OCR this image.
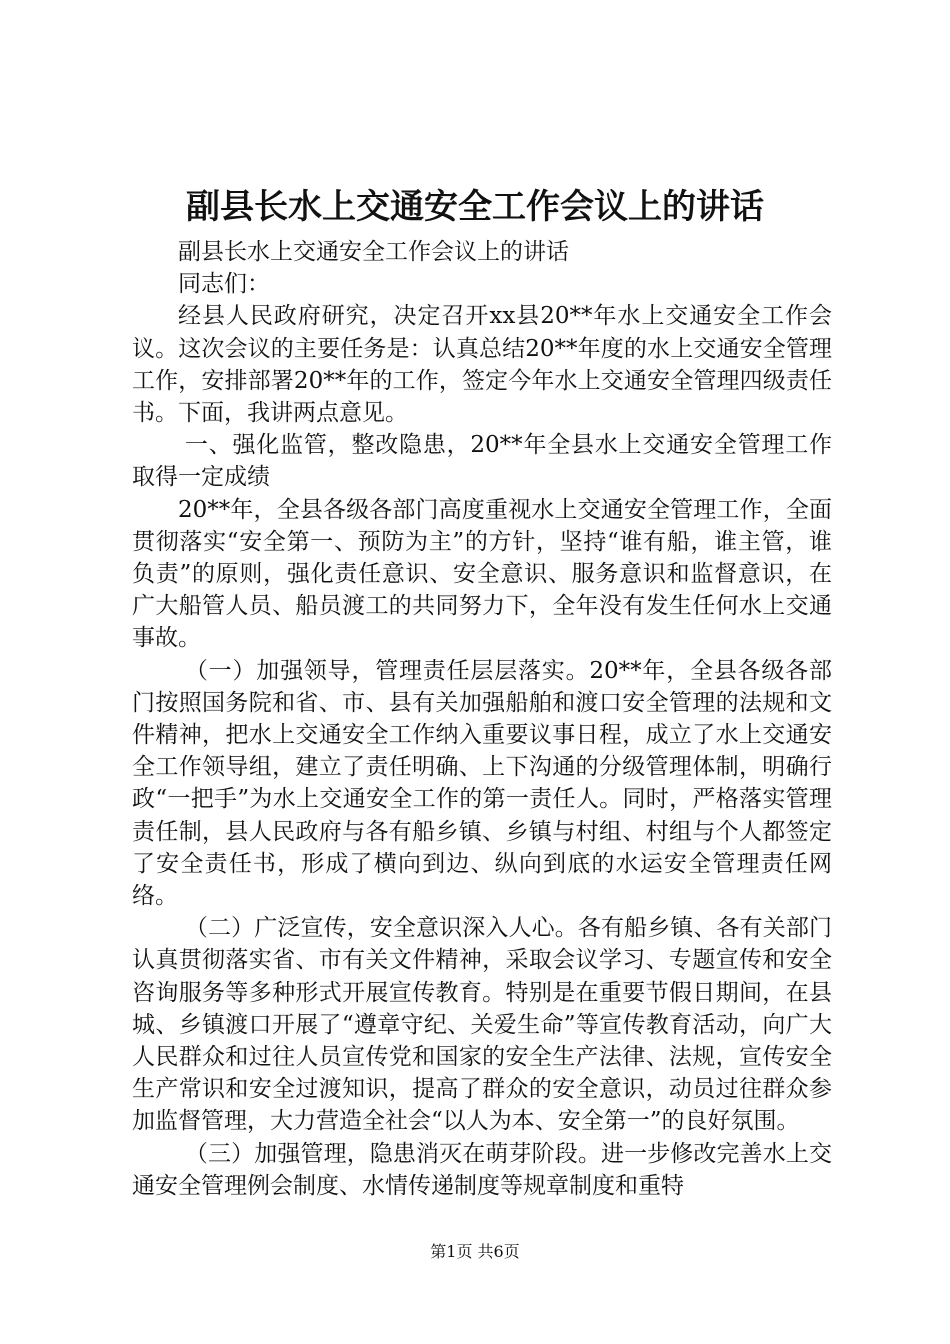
副县长水上交通安全工作会议上的讲话

副县长水上交通安全工作会议上的讲话

同志们：

经县人民政府研究，决定召开xx县20**年水上交通安全工作会议。这次会议的主要任务是：认真总结20**年度的水上交通安全管理工作，安排部署20**年的工作，签定今年水上交通安全管理四级责任书。下面，我讲两点意见。

一、强化监管，整改隐患，20**年全县水上交通安全管理工作取得一定成绩

20**年，全县各级各部门高度重视水上交通安全管理工作，全面贯彻落实“安全第一、预防为主”的方针，坚持“谁有船，谁主管，谁负责”的原则，强化责任意识、安全意识、服务意识和监督意识，在广大船管人员、船员渡工的共同努力下，全年没有发生任何水上交通事故。

（一）加强领导，管理责任层层落实。20**年，全县各级各部门按照国务院和省、市、县有关加强船舶和渡口安全管理的法规和文件精神，把水上交通安全工作纳入重要议事日程，成立了水上交通安全工作领导组，建立了责任明确、上下沟通的分级管理体制，明确行政“一把手”为水上交通安全工作的第一责任人。同时，严格落实管理责任制，县人民政府与各有船乡镇、乡镇与村组、村组与个人都签定了安全责任书，形成了横向到边、纵向到底的水运安全管理责任网络。

（二）广泛宣传，安全意识深入人心。各有船乡镇、各有关部门认真贯彻落实省、市有关文件精神，采取会议学习、专题宣传和安全咨询服务等多种形式开展宣传教育。特别是在重要节假日期间，在县城、乡镇渡口开展了“遵章守纪、关爱生命”等宣传教育活动，向广大人民群众和过往人员宣传党和国家的安全生产法律、法规，宣传安全生产常识和安全过渡知识，提高了群众的安全意识，动员过往群众参加监督管理，大力营造全社会“以人为本、安全第一”的良好氛围。

（三）加强管理，隐患消灭在萌芽阶段。进一步修改完善水上交通安全管理例会制度、水情传递制度等规章制度和重特

第1页 共6页
